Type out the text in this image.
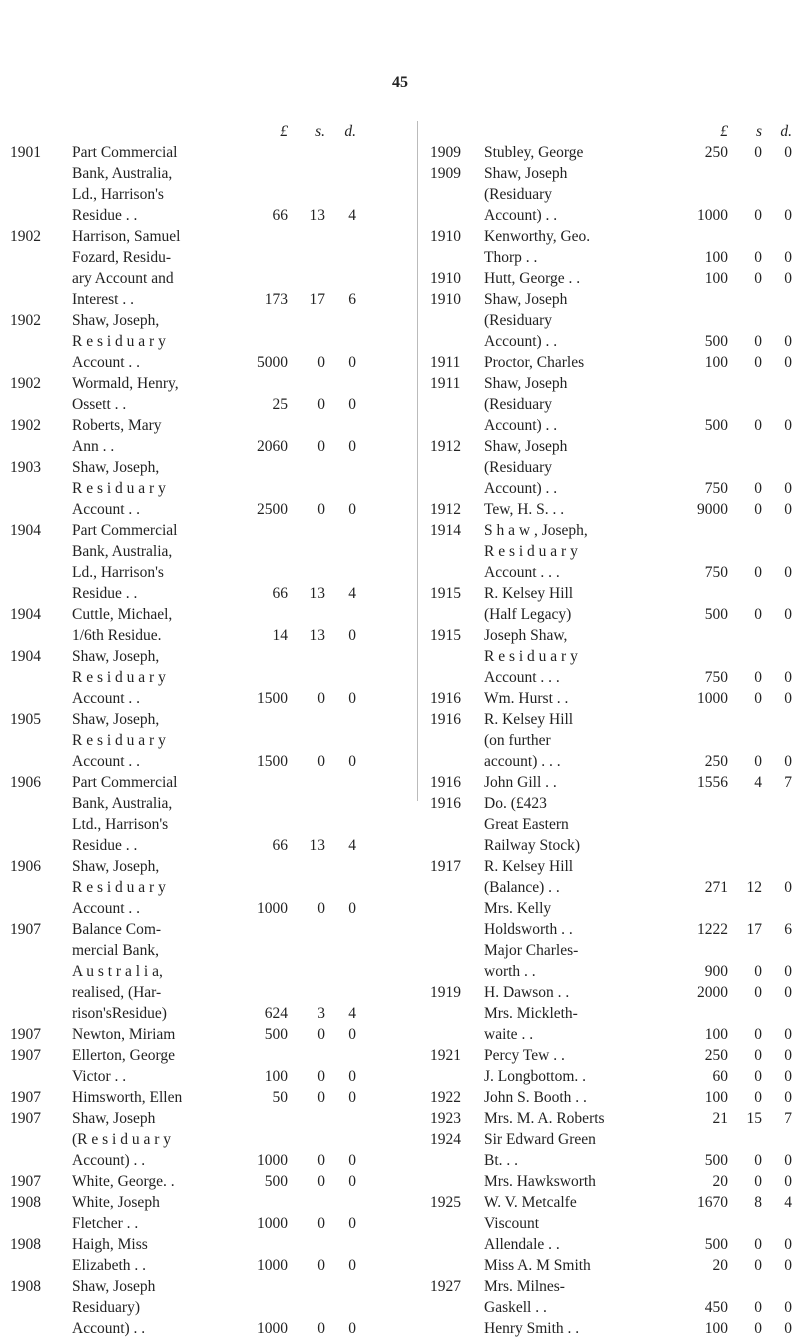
45
£ s. d.
1901 Part Commercial
Bank, Australia,
Ld., Harrison's
Residue . .	66 13 4
1902 Harrison, Samuel
Fozard, Residu-
ary Account and
Interest . .	173 17 6
1902 Shaw, Joseph,
R e s i d u a r y
Account . .	5000 0 0
1902 Wormald, Henry,
Ossett . .	25 0 0
1902 Roberts, Mary
Ann . .	2060 0 0
1903 Shaw, Joseph,
R e s i d u a r y
Account . .	2500 0 0
1904 Part Commercial
Bank, Australia,
Ld., Harrison's
Residue . .	66 13 4
1904 Cuttle, Michael,
1/6th Residue.	14 13 0
1904 Shaw, Joseph,
R e s i d u a r y
Account . .	1500 0 0
1905 Shaw, Joseph,
R e s i d u a r y
Account . .	1500 0 0
1906 Part Commercial
Bank, Australia,
Ltd., Harrison's
Residue . .	66 13 4
1906 Shaw, Joseph,
R e s i d u a r y
Account . .	1000 0 0
1907 Balance Com-
mercial Bank,
A u s t r a l i a,
realised, (Har-
rison'sResidue)	624 3 4
1907 Newton, Miriam	500 0 0
1907 Ellerton, George
Victor . .	100 0 0
1907 Himsworth, Ellen	50 0 0
1907 Shaw, Joseph
(R e s i d u a r y
Account) . .	1000 0 0
1907 White, George. .	500 0 0
1908 White, Joseph
Fletcher . .	1000 0 0
1908 Haigh, Miss
Elizabeth . .	1000 0 0
1908 Shaw, Joseph
Residuary)
Account) . .	1000 0 0
£ s d.
1909 Stubley, George	250 0 0
1909 Shaw, Joseph
(Residuary
Account) . .	1000 0 0
1910 Kenworthy, Geo.
Thorp . .	100 0 0
1910 Hutt, George . .	100 0 0
1910 Shaw, Joseph
(Residuary
Account) . .	500 0 0
1911 Proctor, Charles	100 0 0
1911 Shaw, Joseph
(Residuary
Account) . .	500 0 0
1912 Shaw, Joseph
(Residuary
Account) . .	750 0 0
1912 Tew, H. S. . .	9000 0 0
1914 S h a w , Joseph,
R e s i d u a r y
Account . . .	750 0 0
1915 R. Kelsey Hill
(Half Legacy)	500 0 0
1915 Joseph Shaw,
R e s i d u a r y
Account . . .	750 0 0
1916 Wm. Hurst . .	1000 0 0
1916 R. Kelsey Hill
(on further
account) . . .	250 0 0
1916 John Gill . .	1556 4 7
1916 Do. (£423
Great Eastern
Railway Stock)
1917 R. Kelsey Hill
(Balance) . .	271 12 0
Mrs. Kelly
Holdsworth . .	1222 17 6
Major Charles-
worth . .	900 0 0
1919 H. Dawson . .	2000 0 0
Mrs. Mickleth-
waite . .	100 0 0
1921 Percy Tew . .	250 0 0
J. Longbottom. .	60 0 0
1922 John S. Booth . .	100 0 0
1923 Mrs. M. A. Roberts	21 15 7
1924 Sir Edward Green
Bt. . .	500 0 0
Mrs. Hawksworth	20 0 0
1925 W. V. Metcalfe	1670 8 4
Viscount
Allendale . .	500 0 0
Miss A. M Smith	20 0 0
1927 Mrs. Milnes-
Gaskell . .	450 0 0
Henry Smith . .	100 0 0
